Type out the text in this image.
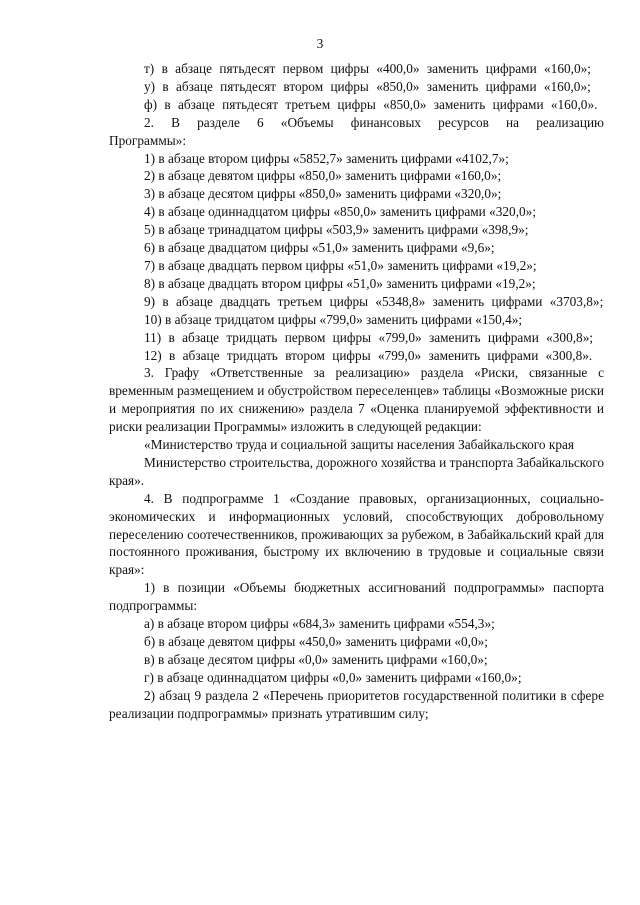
3

т) в абзаце пятьдесят первом цифры «400,0» заменить цифрами «160,0»;

у) в абзаце пятьдесят втором цифры «850,0» заменить цифрами «160,0»;

ф) в абзаце пятьдесят третьем цифры «850,0» заменить цифрами «160,0».

2. В разделе 6 «Объемы финансовых ресурсов на реализацию Программы»:

1) в абзаце втором цифры «5852,7» заменить цифрами «4102,7»;

2) в абзаце девятом цифры «850,0» заменить цифрами «160,0»;

3) в абзаце десятом цифры «850,0» заменить цифрами «320,0»;

4) в абзаце одиннадцатом цифры «850,0» заменить цифрами «320,0»;

5) в абзаце тринадцатом цифры «503,9» заменить цифрами «398,9»;

6) в абзаце двадцатом цифры «51,0» заменить цифрами «9,6»;

7) в абзаце двадцать первом цифры «51,0» заменить цифрами «19,2»;

8) в абзаце двадцать втором цифры «51,0» заменить цифрами «19,2»;

9) в абзаце двадцать третьем цифры «5348,8» заменить цифрами «3703,8»;

10) в абзаце тридцатом цифры «799,0» заменить цифрами «150,4»;

11) в абзаце тридцать первом цифры «799,0» заменить цифрами «300,8»;

12) в абзаце тридцать втором цифры «799,0» заменить цифрами «300,8».

3. Графу «Ответственные за реализацию» раздела «Риски, связанные с временным размещением и обустройством переселенцев» таблицы «Возможные риски и мероприятия по их снижению» раздела 7 «Оценка планируемой эффективности и риски реализации Программы» изложить в следующей редакции:

«Министерство труда и социальной защиты населения Забайкальского края

Министерство строительства, дорожного хозяйства и транспорта Забайкальского края».

4. В подпрограмме 1 «Создание правовых, организационных, социально-экономических и информационных условий, способствующих добровольному переселению соотечественников, проживающих за рубежом, в Забайкальский край для постоянного проживания, быстрому их включению в трудовые и социальные связи края»:

1) в позиции «Объемы бюджетных ассигнований подпрограммы» паспорта подпрограммы:

а) в абзаце втором цифры «684,3» заменить цифрами «554,3»;

б) в абзаце девятом цифры «450,0» заменить цифрами «0,0»;

в) в абзаце десятом цифры «0,0» заменить цифрами «160,0»;

г) в абзаце одиннадцатом цифры «0,0» заменить цифрами «160,0»;

2) абзац 9 раздела 2 «Перечень приоритетов государственной политики в сфере реализации подпрограммы» признать утратившим силу;
